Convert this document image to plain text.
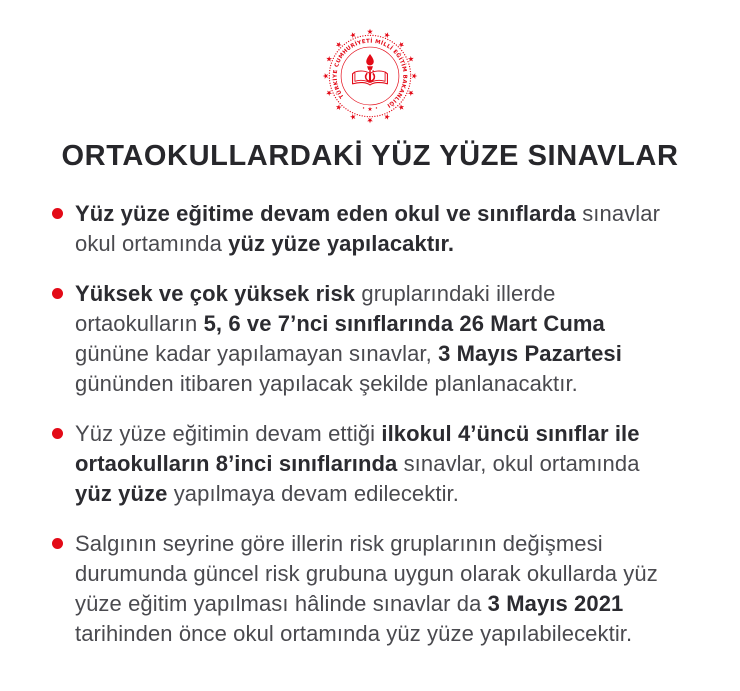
TÜRKİYE CUMHURİYETİ MİLLİ EĞİTİM BAKANLIĞI
ORTAOKULLARDAKİ YÜZ YÜZE SINAVLAR

Yüz yüze eğitime devam eden okul ve sınıflarda sınavlar okul ortamında yüz yüze yapılacaktır.

Yüksek ve çok yüksek risk gruplarındaki illerde ortaokulların 5, 6 ve 7’nci sınıflarında 26 Mart Cuma gününe kadar yapılamayan sınavlar, 3 Mayıs Pazartesi gününden itibaren yapılacak şekilde planlanacaktır.

Yüz yüze eğitimin devam ettiği ilkokul 4’üncü sınıflar ile ortaokulların 8’inci sınıflarında sınavlar, okul ortamında yüz yüze yapılmaya devam edilecektir.

Salgının seyrine göre illerin risk gruplarının değişmesi durumunda güncel risk grubuna uygun olarak okullarda yüz yüze eğitim yapılması hâlinde sınavlar da 3 Mayıs 2021 tarihinden önce okul ortamında yüz yüze yapılabilecektir.
